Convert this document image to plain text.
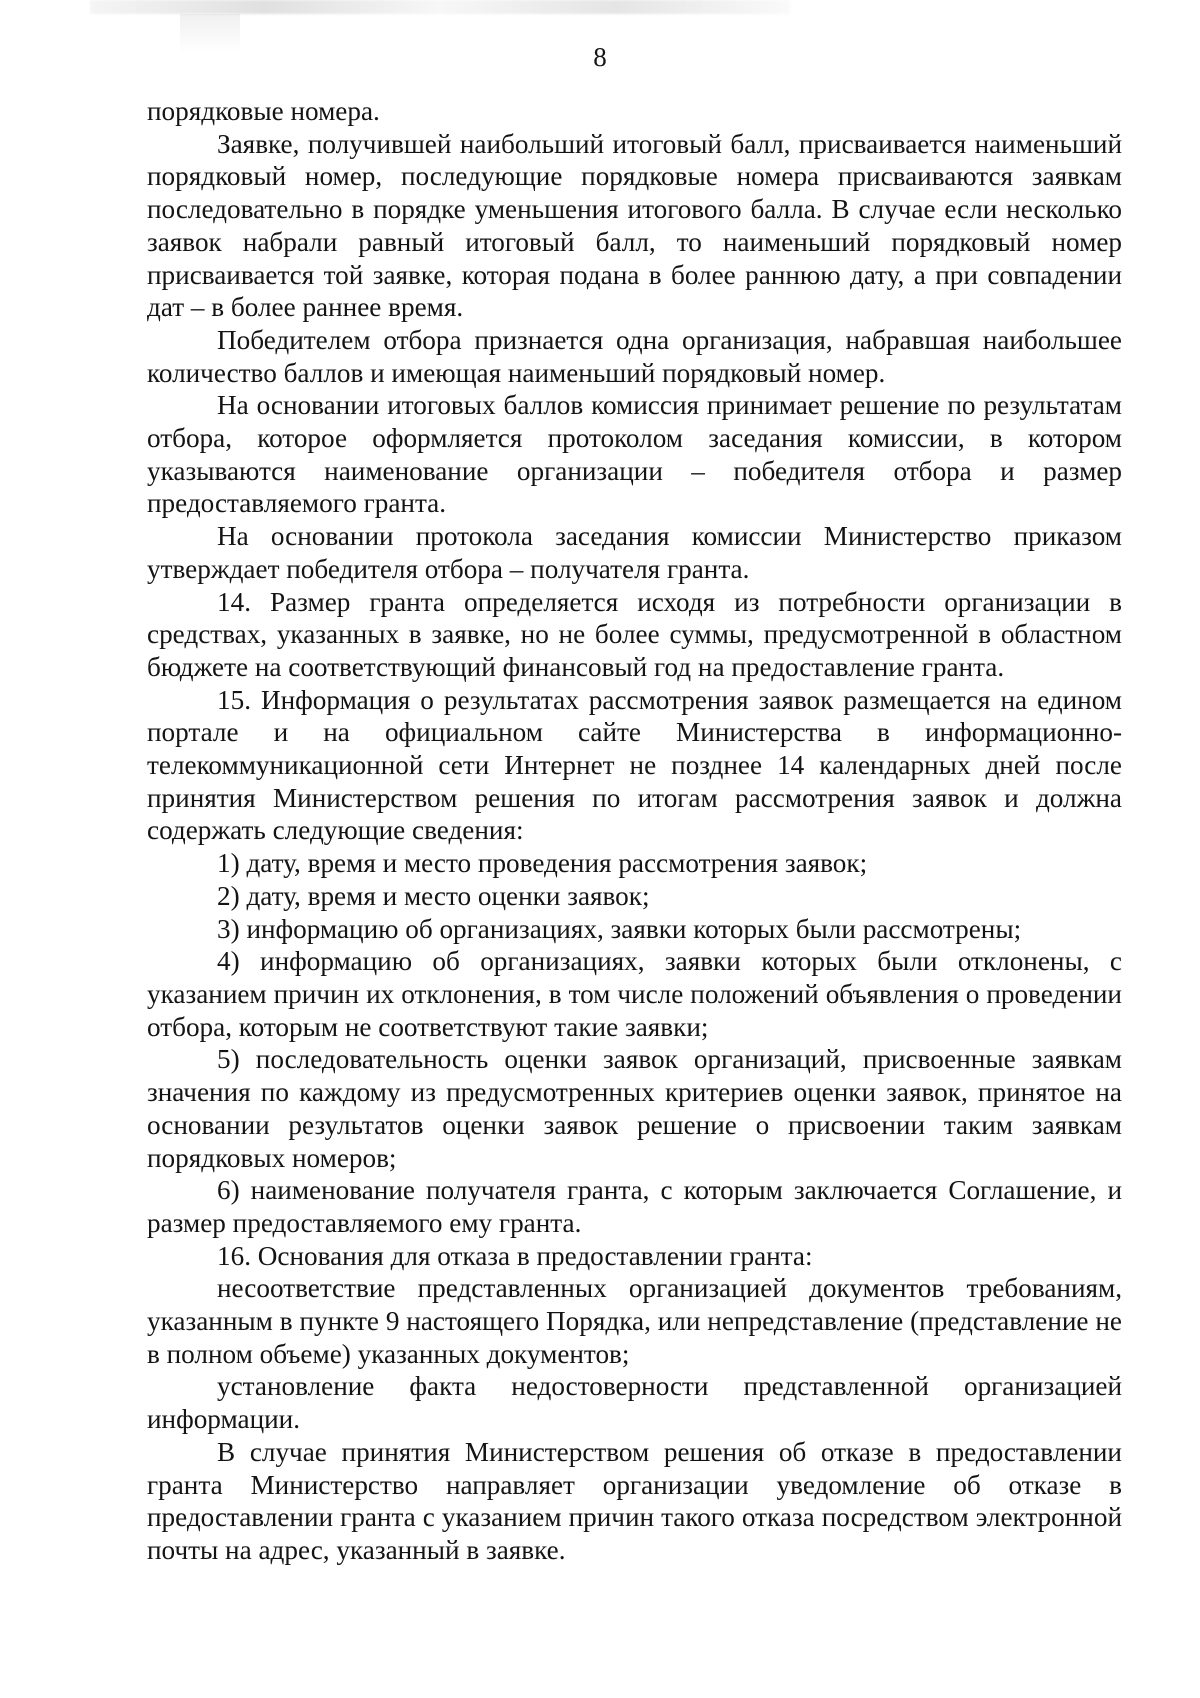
8

порядковые номера.

Заявке, получившей наибольший итоговый балл, присваивается наименьший порядковый номер, последующие порядковые номера присваиваются заявкам последовательно в порядке уменьшения итогового балла. В случае если несколько заявок набрали равный итоговый балл, то наименьший порядковый номер присваивается той заявке, которая подана в более раннюю дату, а при совпадении дат – в более раннее время.

Победителем отбора признается одна организация, набравшая наибольшее количество баллов и имеющая наименьший порядковый номер.

На основании итоговых баллов комиссия принимает решение по результатам отбора, которое оформляется протоколом заседания комиссии, в котором указываются наименование организации – победителя отбора и размер предоставляемого гранта.

На основании протокола заседания комиссии Министерство приказом утверждает победителя отбора – получателя гранта.

14. Размер гранта определяется исходя из потребности организации в средствах, указанных в заявке, но не более суммы, предусмотренной в областном бюджете на соответствующий финансовый год на предоставление гранта.

15. Информация о результатах рассмотрения заявок размещается на едином портале и на официальном сайте Министерства в информационно-телекоммуникационной сети Интернет не позднее 14 календарных дней после принятия Министерством решения по итогам рассмотрения заявок и должна содержать следующие сведения:

1) дату, время и место проведения рассмотрения заявок;

2) дату, время и место оценки заявок;

3) информацию об организациях, заявки которых были рассмотрены;

4) информацию об организациях, заявки которых были отклонены, с указанием причин их отклонения, в том числе положений объявления о проведении отбора, которым не соответствуют такие заявки;

5) последовательность оценки заявок организаций, присвоенные заявкам значения по каждому из предусмотренных критериев оценки заявок, принятое на основании результатов оценки заявок решение о присвоении таким заявкам порядковых номеров;

6) наименование получателя гранта, с которым заключается Соглашение, и размер предоставляемого ему гранта.

16. Основания для отказа в предоставлении гранта:

несоответствие представленных организацией документов требованиям, указанным в пункте 9 настоящего Порядка, или непредставление (представление не в полном объеме) указанных документов;

установление факта недостоверности представленной организацией информации.

В случае принятия Министерством решения об отказе в предоставлении гранта Министерство направляет организации уведомление об отказе в предоставлении гранта с указанием причин такого отказа посредством электронной почты на адрес, указанный в заявке.
